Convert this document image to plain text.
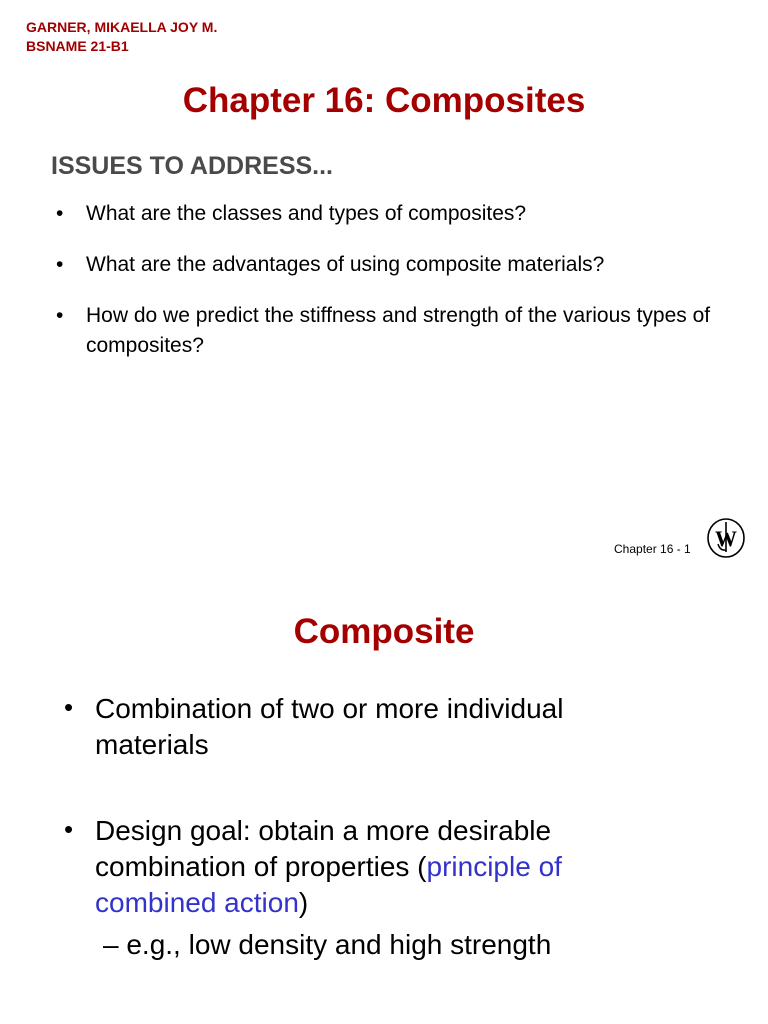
GARNER, MIKAELLA JOY M.
BSNAME 21-B1
Chapter 16: Composites
ISSUES TO ADDRESS...
• What are the classes and types of composites?
• What are the advantages of using composite materials?
• How do we predict the stiffness and strength of the various types of composites?
Chapter 16 - 1 W
Composite
• Combination of two or more individual materials
• Design goal: obtain a more desirable combination of properties (principle of combined action)
– e.g., low density and high strength
